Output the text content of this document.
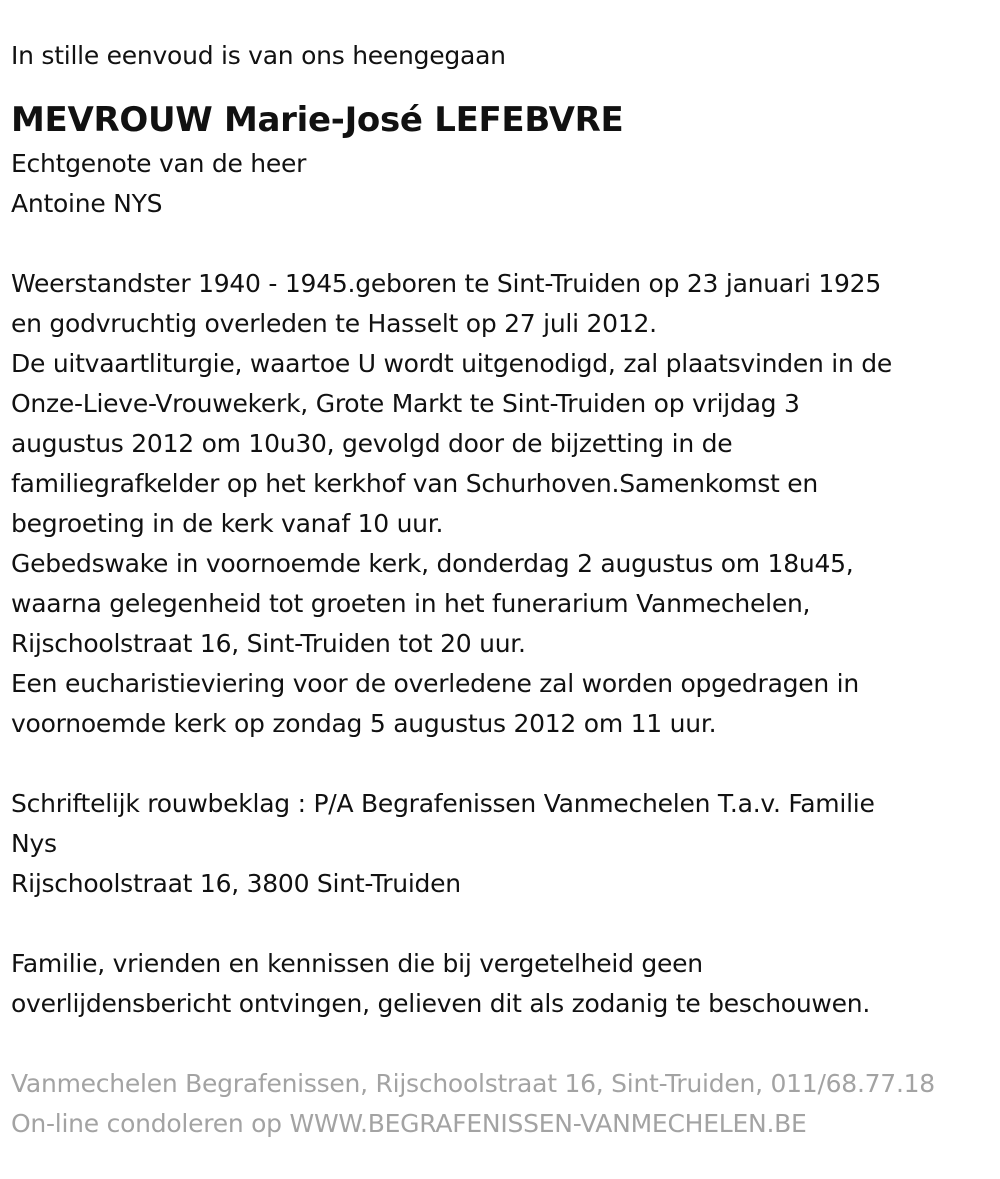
In stille eenvoud is van ons heengegaan

MEVROUW Marie-José LEFEBVRE

Echtgenote van de heer

Antoine NYS

Weerstandster 1940 - 1945.geboren te Sint-Truiden op 23 januari 1925

en godvruchtig overleden te Hasselt op 27 juli 2012.

De uitvaartliturgie, waartoe U wordt uitgenodigd, zal plaatsvinden in de

Onze-Lieve-Vrouwekerk, Grote Markt te Sint-Truiden op vrijdag 3

augustus 2012 om 10u30, gevolgd door de bijzetting in de

familiegrafkelder op het kerkhof van Schurhoven.Samenkomst en

begroeting in de kerk vanaf 10 uur.

Gebedswake in voornoemde kerk, donderdag 2 augustus om 18u45,

waarna gelegenheid tot groeten in het funerarium Vanmechelen,

Rijschoolstraat 16, Sint-Truiden tot 20 uur.

Een eucharistieviering voor de overledene zal worden opgedragen in

voornoemde kerk op zondag 5 augustus 2012 om 11 uur.

Schriftelijk rouwbeklag : P/A Begrafenissen Vanmechelen T.a.v. Familie

Nys

Rijschoolstraat 16, 3800 Sint-Truiden

Familie, vrienden en kennissen die bij vergetelheid geen

overlijdensbericht ontvingen, gelieven dit als zodanig te beschouwen.

Vanmechelen Begrafenissen, Rijschoolstraat 16, Sint-Truiden, 011/68.77.18

On-line condoleren op WWW.BEGRAFENISSEN-VANMECHELEN.BE
